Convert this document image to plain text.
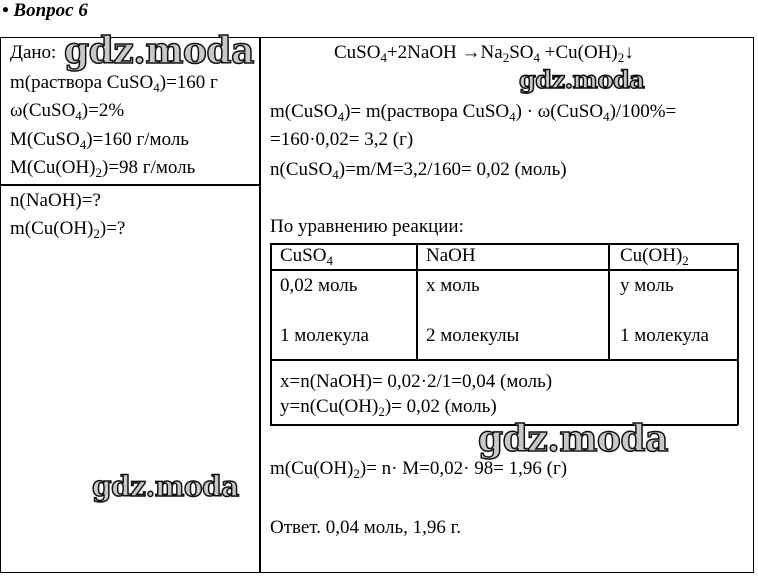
• Вопрос 6
Дано:
m(раствора CuSO$_4$)=160 г
ω(CuSO$_4$)=2%
M(CuSO$_4$)=160 г/моль
$M(Cu(OH)_2)=98$ г/моль
n(NaOH)=?
$m(Cu(OH)_2)=$?
CuSO$_4$+2NaOH $\to Na_2SO_4$ $+Cu(OH)_2↓$
m(CuSO$_4$)= m(раствора CuSO$_4$) · ω(CuSO$_4$)/100%=
=160·0,02= 3,2 (г)
n(CuSO$_4$)=m/M=3,2/160= 0,02 (моль)
По уравнению реакции:
CuSO$_4$	NaOH	$Cu(OH)_2$
0,02 моль	x моль	y моль
1 молекула	2 молекулы	1 молекула
x=n(NaOH)= 0,02·2/1=0,04 (моль)
$y=n(Cu(OH)_2)= 0,02$ (моль)
$m(Cu(OH)_2)= n\cdot M=0,02\cdot 98= 1,96$ (г)
Ответ. 0,04 моль, 1,96 г.
gdz.moda
gdz.moda
gdz.moda
gdz.moda
